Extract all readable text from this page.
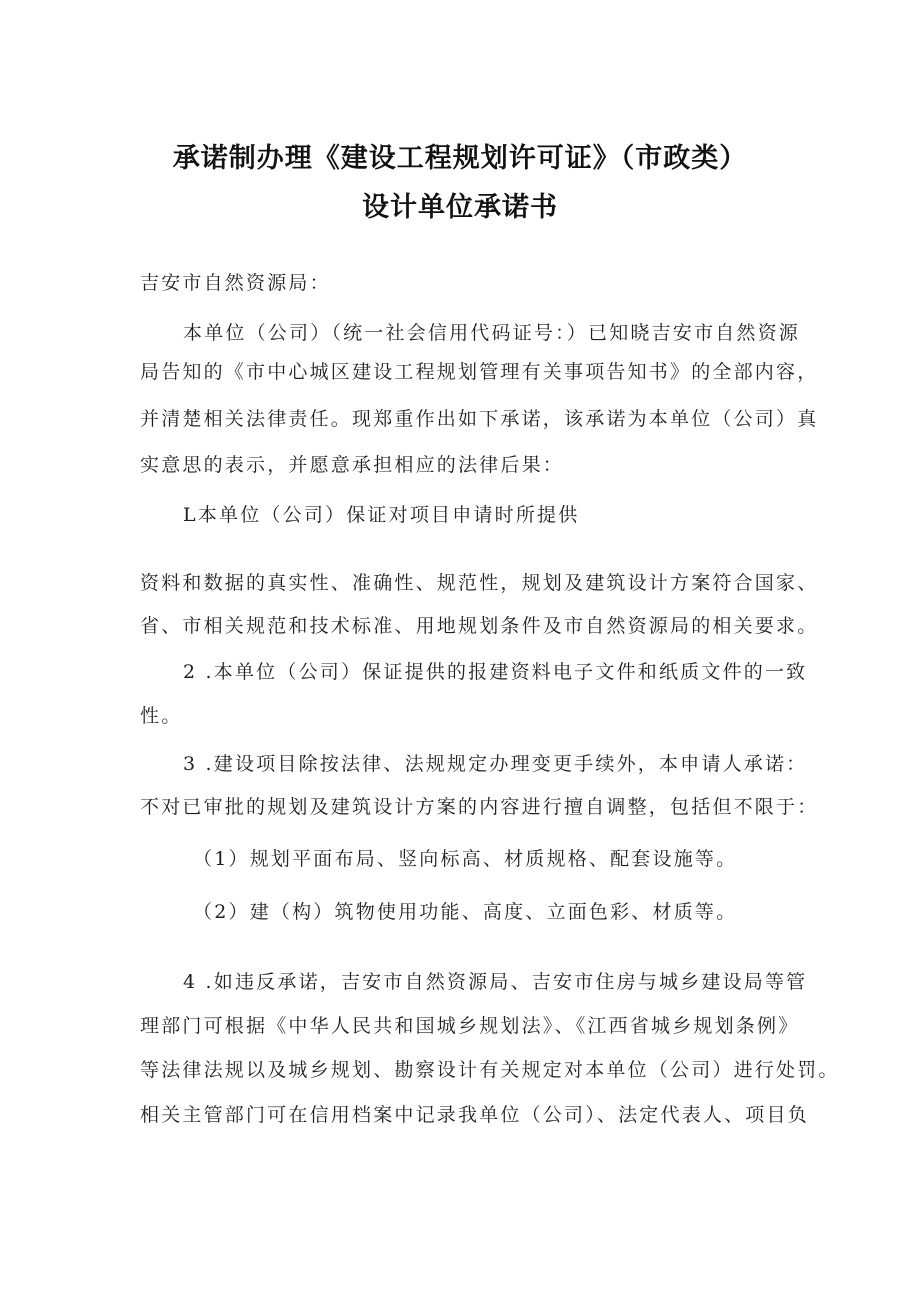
承诺制办理《建设工程规划许可证》（市政类）
设计单位承诺书
吉安市自然资源局：
本单位（公司）（统一社会信用代码证号：）已知晓吉安市自然资源
局告知的《市中心城区建设工程规划管理有关事项告知书》的全部内容，
并清楚相关法律责任。现郑重作出如下承诺，该承诺为本单位（公司）真
实意思的表示，并愿意承担相应的法律后果：
L本单位（公司）保证对项目申请时所提供
资料和数据的真实性、准确性、规范性，规划及建筑设计方案符合国家、
省、市相关规范和技术标准、用地规划条件及市自然资源局的相关要求。
2 .本单位（公司）保证提供的报建资料电子文件和纸质文件的一致
性。
3 .建设项目除按法律、法规规定办理变更手续外，本申请人承诺：
不对已审批的规划及建筑设计方案的内容进行擅自调整，包括但不限于：
（1）规划平面布局、竖向标高、材质规格、配套设施等。
（2）建（构）筑物使用功能、高度、立面色彩、材质等。
4 .如违反承诺，吉安市自然资源局、吉安市住房与城乡建设局等管
理部门可根据《中华人民共和国城乡规划法》、《江西省城乡规划条例》
等法律法规以及城乡规划、勘察设计有关规定对本单位（公司）进行处罚。
相关主管部门可在信用档案中记录我单位（公司）、法定代表人、项目负
